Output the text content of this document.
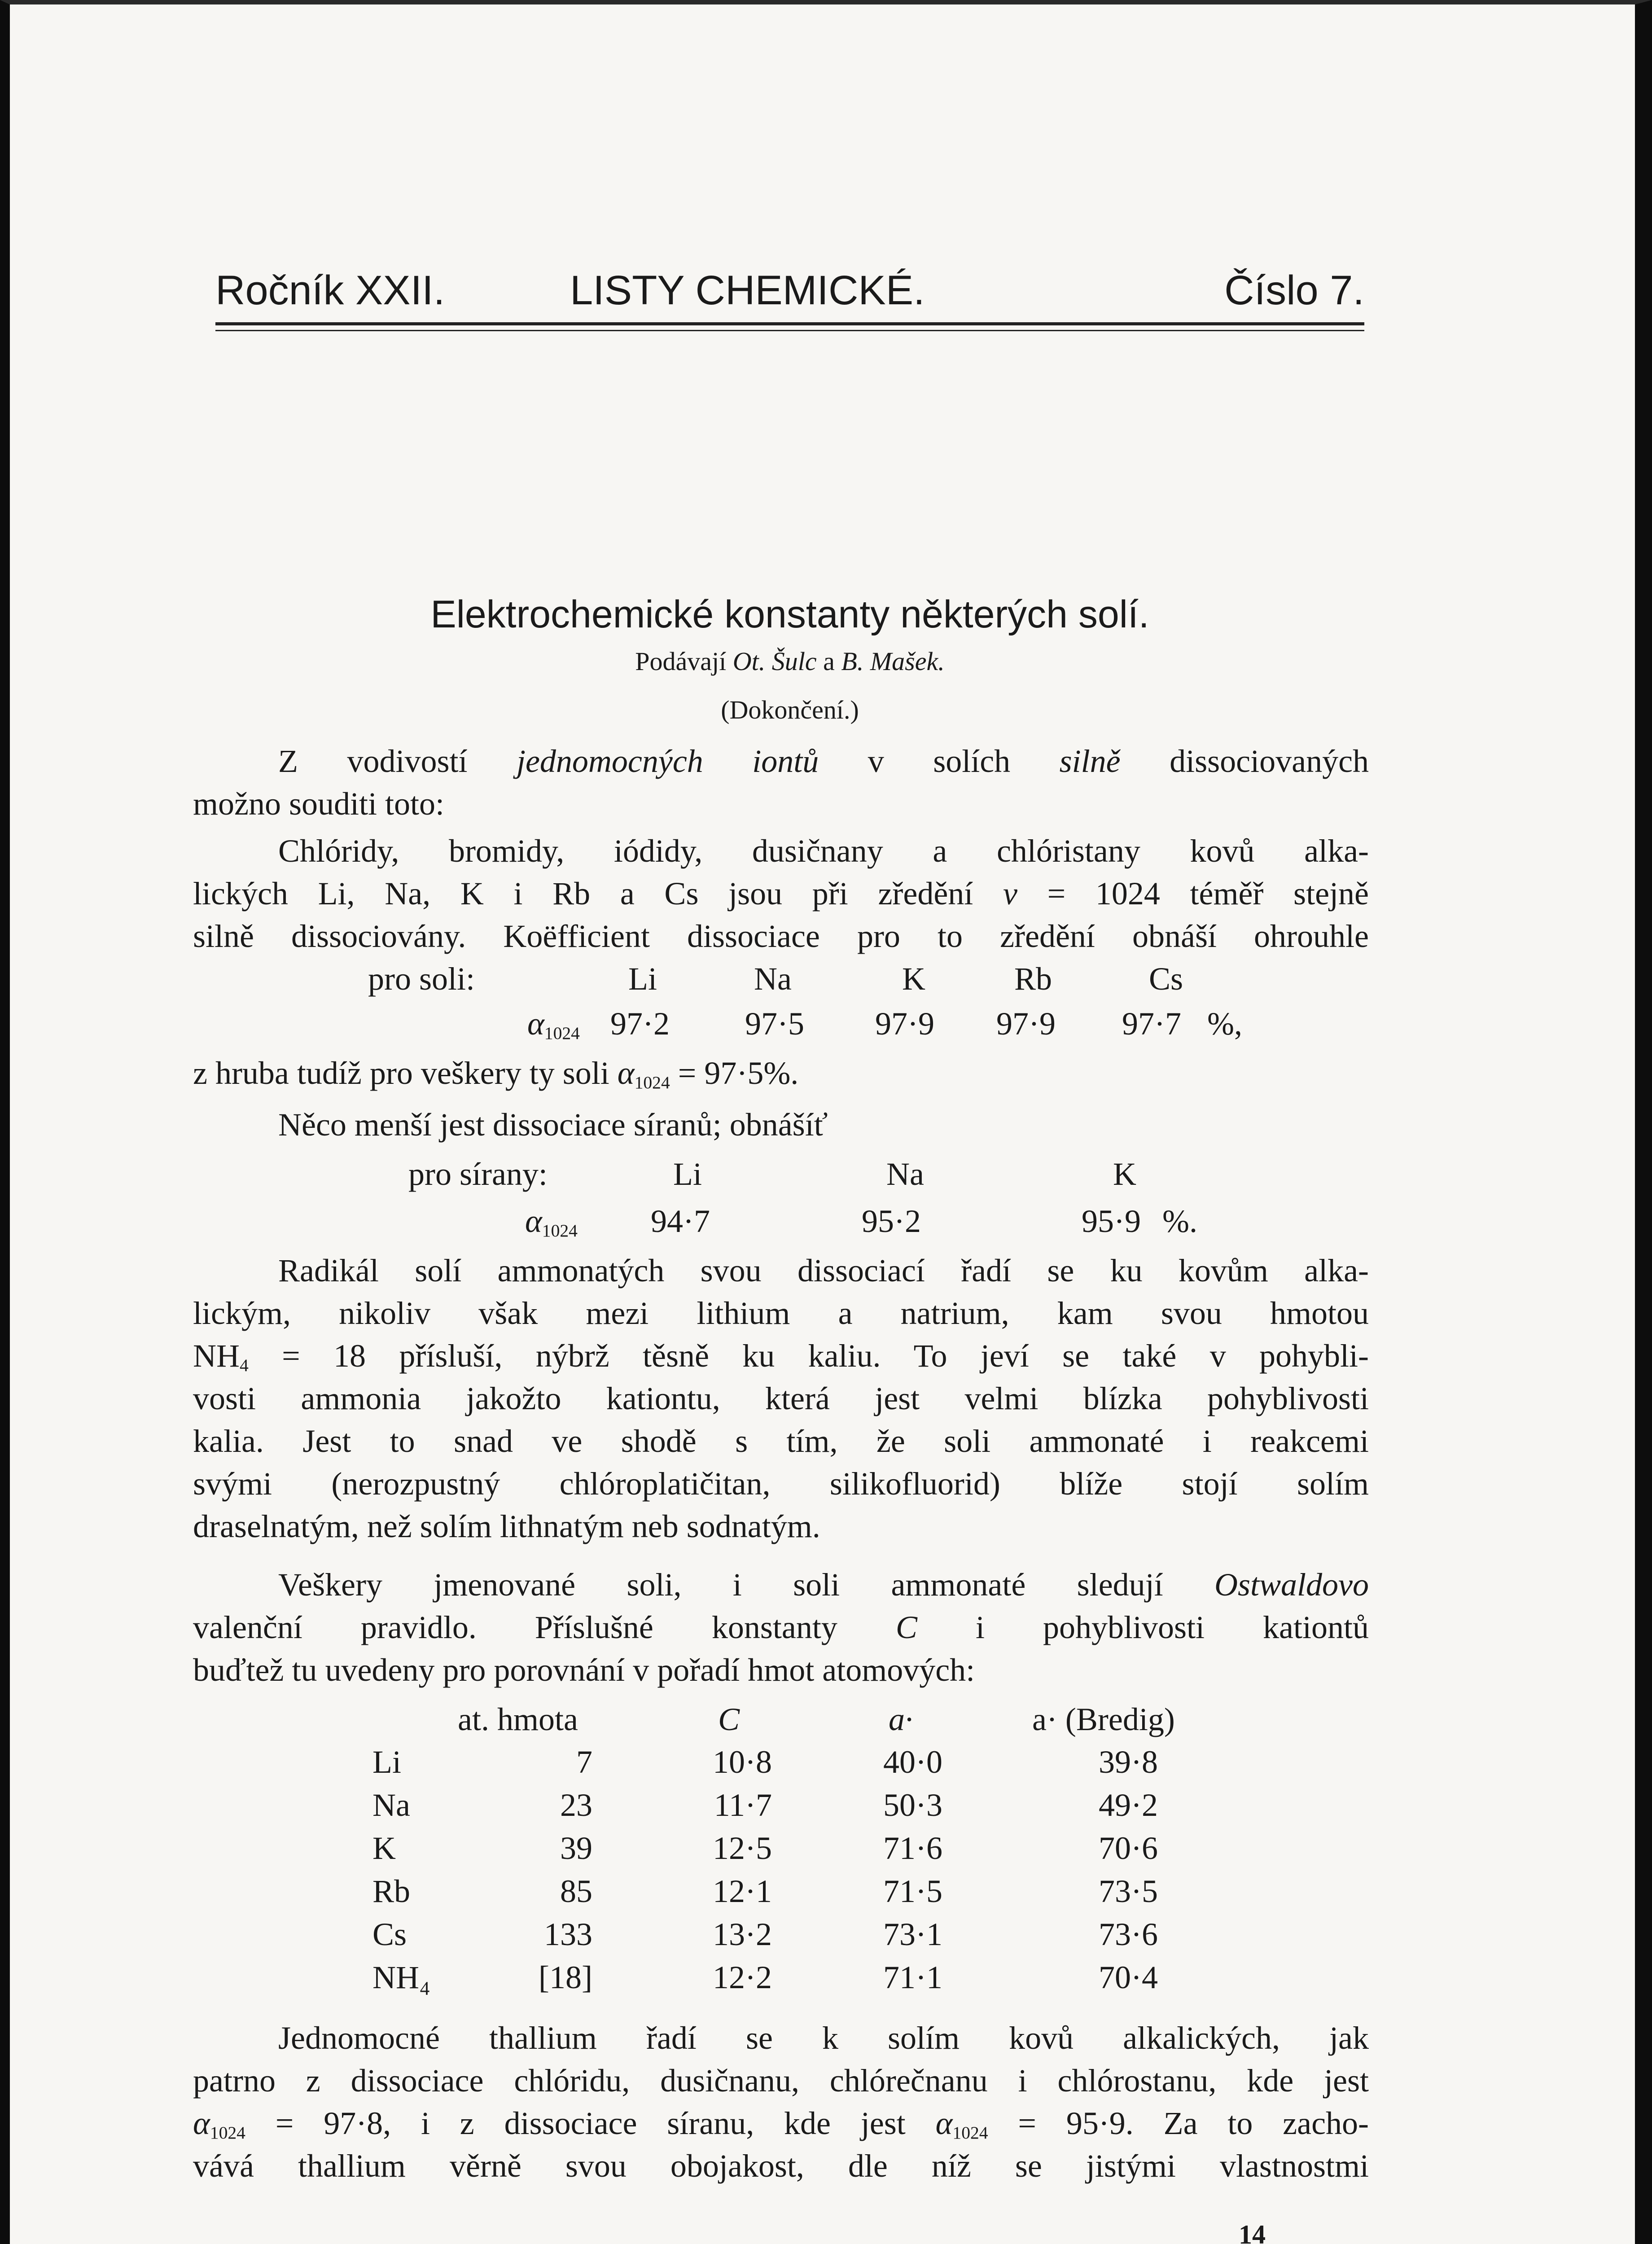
Ročník XXII.	LISTY CHEMICKÉ.	Číslo 7.
Elektrochemické konstanty některých solí.
Podávají Ot. Šulc a B. Mašek.
(Dokončení.)
Z vodivostí jednomocných iontů v solích silně dissociovaných
možno souditi toto:
Chlóridy, bromidy, iódidy, dusičnany a chlóristany kovů alka-
lických Li, Na, K i Rb a Cs jsou při zředění v = 1024 téměř stejně
silně dissociovány. Koëfficient dissociace pro to zředění obnáší ohrouhle
pro soli:	Li	Na	K	Rb	Cs
$\alpha_{1024}$ 97·2 97·5 97·9 97·9 97·7 %,
z hruba tudíž pro veškery ty soli $\alpha_{1024} = 97\cdot 5\%$.
Něco menší jest dissociace síranů; obnášíť
pro sírany:	Li	Na	K
$\alpha_{1024}$ 94·7	95·2	95·9 %.
Radikál solí ammonatých svou dissociací řadí se ku kovům alka-
lickým, nikoliv však mezi lithium a natrium, kam svou hmotou
$NH_4 = 18$ přísluší, nýbrž těsně ku kaliu. To jeví se také v pohybli-
vosti ammonia jakožto kationtu, která jest velmi blízka pohyblivosti
kalia. Jest to snad ve shodě s tím, že soli ammonaté i reakcemi
svými (nerozpustný chlóroplatičitan, silikofluorid) blíže stojí solím
draselnatým, než solím lithnatým neb sodnatým.
Veškery jmenované soli, i soli ammonaté sledují Ostwaldovo
valenční pravidlo. Příslušné konstanty C i pohyblivosti kationtů
buďtež tu uvedeny pro porovnání v pořadí hmot atomových:
at. hmota	C	a·	a· (Bredig)
Li	7	10·8	40·0	39·8
Na	23	11·7	50·3	49·2
K	39	12·5	71·6	70·6
Rb	85	12·1	71·5	73·5
Cs	133	13·2	73·1	73·6
NH₄	[18]	12·2	71·1	70·4
Jednomocné thallium řadí se k solím kovů alkalických, jak
patrno z dissociace chlóridu, dusičnanu, chlórečnanu i chlórostanu, kde jest
$\alpha_{1024} = 97\cdot 8$, i z dissociace síranu, kde jest $\alpha_{1024} = 95\cdot 9$. Za to zacho-
vává thallium věrně svou obojakost, dle níž se jistými vlastnostmi
14
